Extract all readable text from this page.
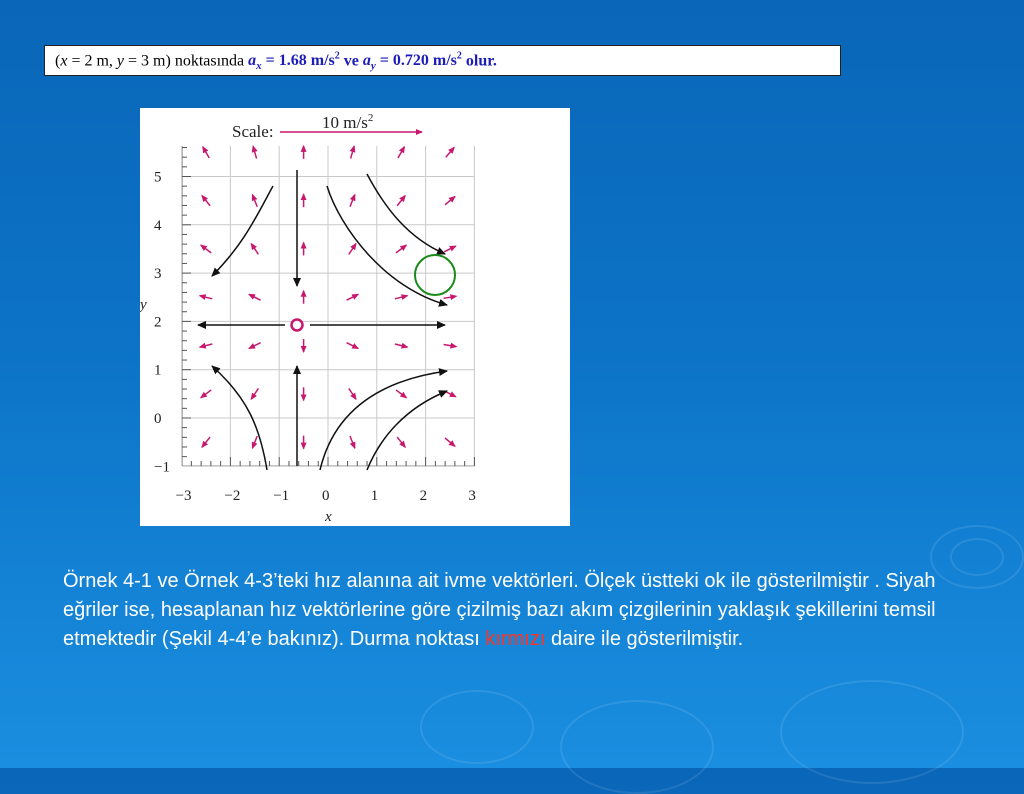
(x = 2 m, y = 3 m) noktasında $a_x = 1.68$ $m/s^2$ ve $a_y = 0.720$ $m/s^2$ olur.
−3 −2 −1 0	1	2	3
5
4
3
2
1
0
−1
Scale:	10 $m/s^2$
x
y
Örnek 4-1 ve Örnek 4-3’teki hız alanına ait ivme vektörleri. Ölçek üstteki ok ile gösterilmiştir . Siyah eğriler ise, hesaplanan hız vektörlerine göre çizilmiş bazı akım çizgilerinin yaklaşık şekillerini temsil etmektedir (Şekil 4-4’e bakınız). Durma noktası kırmızı daire ile gösterilmiştir.
